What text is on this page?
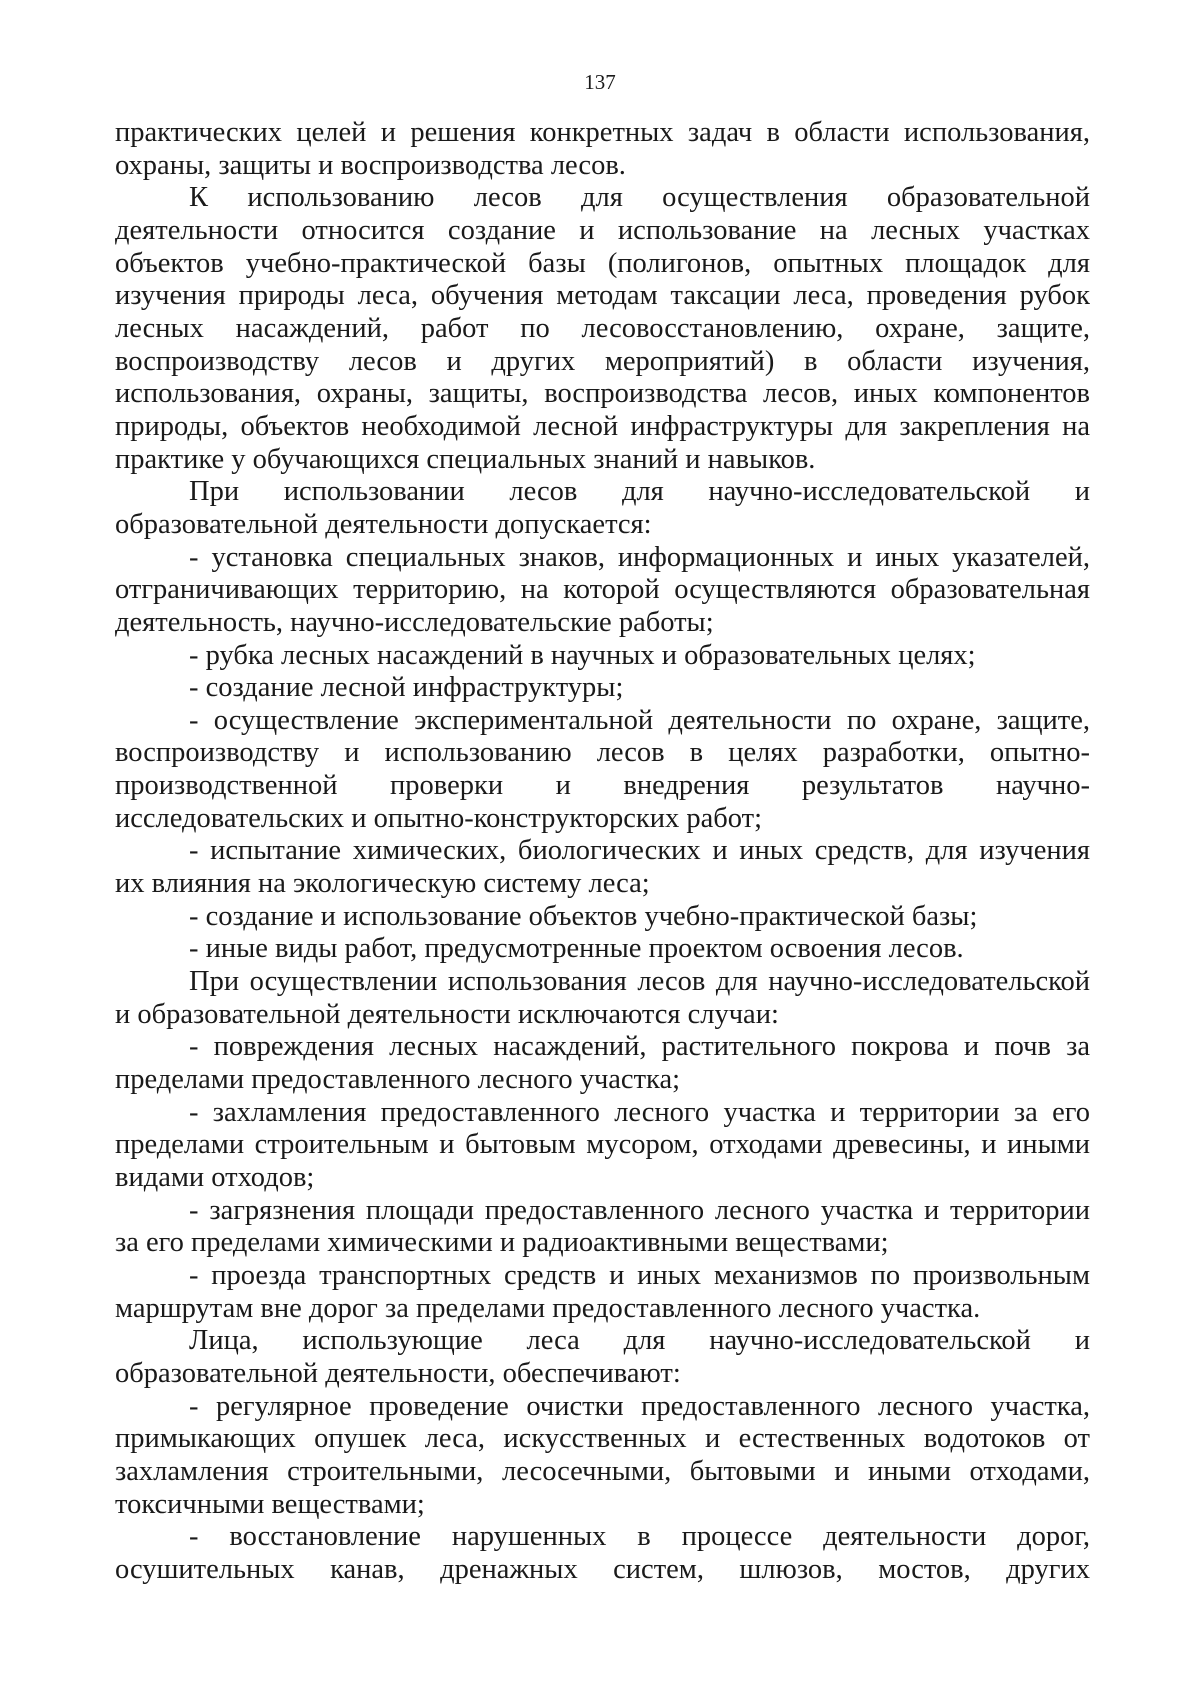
137

практических целей и решения конкретных задач в области использования, охраны, защиты и воспроизводства лесов.

К использованию лесов для осуществления образовательной деятельности относится создание и использование на лесных участках объектов учебно-практической базы (полигонов, опытных площадок для изучения природы леса, обучения методам таксации леса, проведения рубок лесных насаждений, работ по лесовосстановлению, охране, защите, воспроизводству лесов и других мероприятий) в области изучения, использования, охраны, защиты, воспроизводства лесов, иных компонентов природы, объектов необходимой лесной инфраструктуры для закрепления на практике у обучающихся специальных знаний и навыков.

При использовании лесов для научно-исследовательской и образовательной деятельности допускается:

- установка специальных знаков, информационных и иных указателей, отграничивающих территорию, на которой осуществляются образовательная деятельность, научно-исследовательские работы;

- рубка лесных насаждений в научных и образовательных целях;

- создание лесной инфраструктуры;

- осуществление экспериментальной деятельности по охране, защите, воспроизводству и использованию лесов в целях разработки, опытно-производственной проверки и внедрения результатов научно-исследовательских и опытно-конструкторских работ;

- испытание химических, биологических и иных средств, для изучения их влияния на экологическую систему леса;

- создание и использование объектов учебно-практической базы;

- иные виды работ, предусмотренные проектом освоения лесов.

При осуществлении использования лесов для научно-исследовательской и образовательной деятельности исключаются случаи:

- повреждения лесных насаждений, растительного покрова и почв за пределами предоставленного лесного участка;

- захламления предоставленного лесного участка и территории за его пределами строительным и бытовым мусором, отходами древесины, и иными видами отходов;

- загрязнения площади предоставленного лесного участка и территории за его пределами химическими и радиоактивными веществами;

- проезда транспортных средств и иных механизмов по произвольным маршрутам вне дорог за пределами предоставленного лесного участка.

Лица, использующие леса для научно-исследовательской и образовательной деятельности, обеспечивают:

- регулярное проведение очистки предоставленного лесного участка, примыкающих опушек леса, искусственных и естественных водотоков от захламления строительными, лесосечными, бытовыми и иными отходами, токсичными веществами;

- восстановление нарушенных в процессе деятельности дорог, осушительных канав, дренажных систем, шлюзов, мостов, других
